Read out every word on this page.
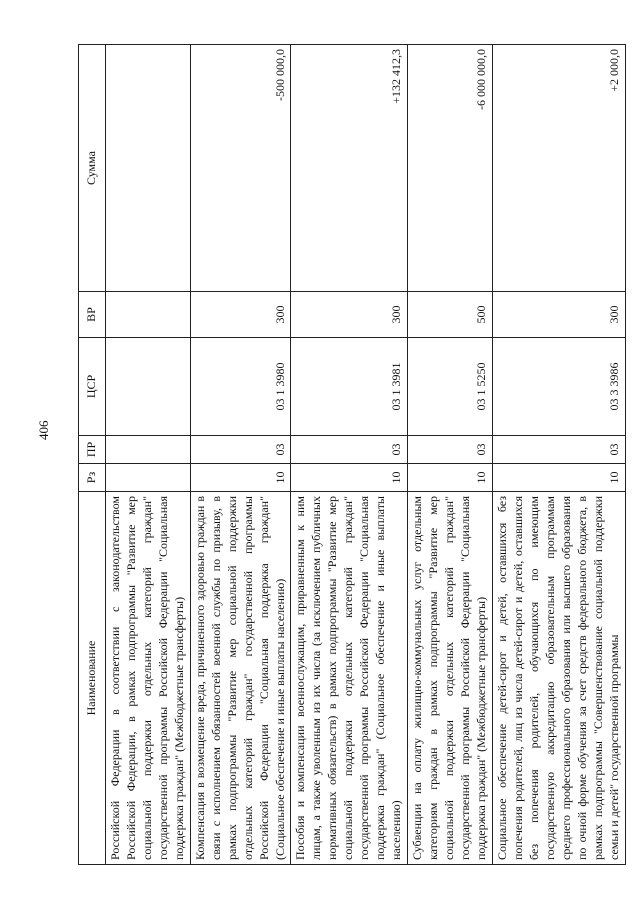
406
Наименование	Рз	ПР	ЦСР	ВР	Сумма
Российской Федерации в соответствии с законодательством Российской Федерации, в рамках подпрограммы "Развитие мер социальной поддержки отдельных категорий граждан" государственной программы Российской Федерации "Социальная поддержка граждан" (Межбюджетные трансферты)					
Компенсация в возмещение вреда, причиненного здоровью граждан в связи с исполнением обязанностей военной службы по призыву, в рамках подпрограммы "Развитие мер социальной поддержки отдельных категорий граждан" государственной программы Российской Федерации "Социальная поддержка граждан" (Социальное обеспечение и иные выплаты населению)	10	03	03 1 3980	300	-500 000,0
Пособия и компенсации военнослужащим, приравненным к ним лицам, а также уволенным из их числа (за исключением публичных нормативных обязательств) в рамках подпрограммы "Развитие мер социальной поддержки отдельных категорий граждан" государственной программы Российской Федерации "Социальная поддержка граждан" (Социальное обеспечение и иные выплаты населению)	10	03	03 1 3981	300	+132 412,3
Субвенции на оплату жилищно-коммунальных услуг отдельным категориям граждан в рамках подпрограммы "Развитие мер социальной поддержки отдельных категорий граждан" государственной программы Российской Федерации "Социальная поддержка граждан" (Межбюджетные трансферты)	10	03	03 1 5250	500	-6 000 000,0
Социальное обеспечение детей-сирот и детей, оставшихся без попечения родителей, лиц из числа детей-сирот и детей, оставшихся без попечения родителей, обучающихся по имеющим государственную аккредитацию образовательным программам среднего профессионального образования или высшего образования по очной форме обучения за счет средств федерального бюджета, в рамках подпрограммы "Совершенствование социальной поддержки семьи и детей" государственной программы	10	03	03 3 3986	300	+2 000,0
